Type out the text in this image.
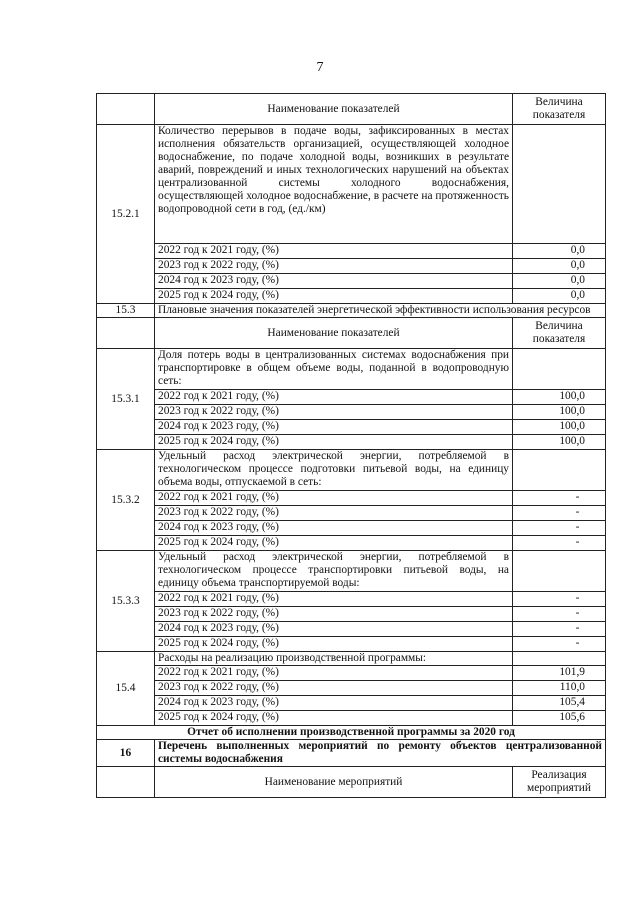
7
	Наименование показателей	Величина показателя
15.2.1	Количество перерывов в подаче воды, зафиксированных в местах исполнения обязательств организацией, осуществляющей холодное водоснабжение, по подаче холодной воды, возникших в результате аварий, повреждений и иных технологических нарушений на объектах централизованной системы холодного водоснабжения, осуществляющей холодное водоснабжение, в расчете на протяженность водопроводной сети в год, (ед./км)	
	2022 год к 2021 году, (%)	0,0
	2023 год к 2022 году, (%)	0,0
	2024 год к 2023 году, (%)	0,0
	2025 год к 2024 году, (%)	0,0
15.3	Плановые значения показателей энергетической эффективности использования ресурсов	
	Наименование показателей	Величина показателя
15.3.1	Доля потерь воды в централизованных системах водоснабжения при транспортировке в общем объеме воды, поданной в водопроводную сеть:	
	2022 год к 2021 году, (%)	100,0
	2023 год к 2022 году, (%)	100,0
	2024 год к 2023 году, (%)	100,0
	2025 год к 2024 году, (%)	100,0
15.3.2	Удельный расход электрической энергии, потребляемой в технологическом процессе подготовки питьевой воды, на единицу объема воды, отпускаемой в сеть:	
	2022 год к 2021 году, (%)	-
	2023 год к 2022 году, (%)	-
	2024 год к 2023 году, (%)	-
	2025 год к 2024 году, (%)	-
15.3.3	Удельный расход электрической энергии, потребляемой в технологическом процессе транспортировки питьевой воды, на единицу объема транспортируемой воды:	
	2022 год к 2021 году, (%)	-
	2023 год к 2022 году, (%)	-
	2024 год к 2023 году, (%)	-
	2025 год к 2024 году, (%)	-
15.4	Расходы на реализацию производственной программы:	
	2022 год к 2021 году, (%)	101,9
	2023 год к 2022 году, (%)	110,0
	2024 год к 2023 году, (%)	105,4
	2025 год к 2024 году, (%)	105,6
Отчет об исполнении производственной программы за 2020 год		
16	Перечень выполненных мероприятий по ремонту объектов централизованной системы водоснабжения	
	Наименование мероприятий	Реализация мероприятий
